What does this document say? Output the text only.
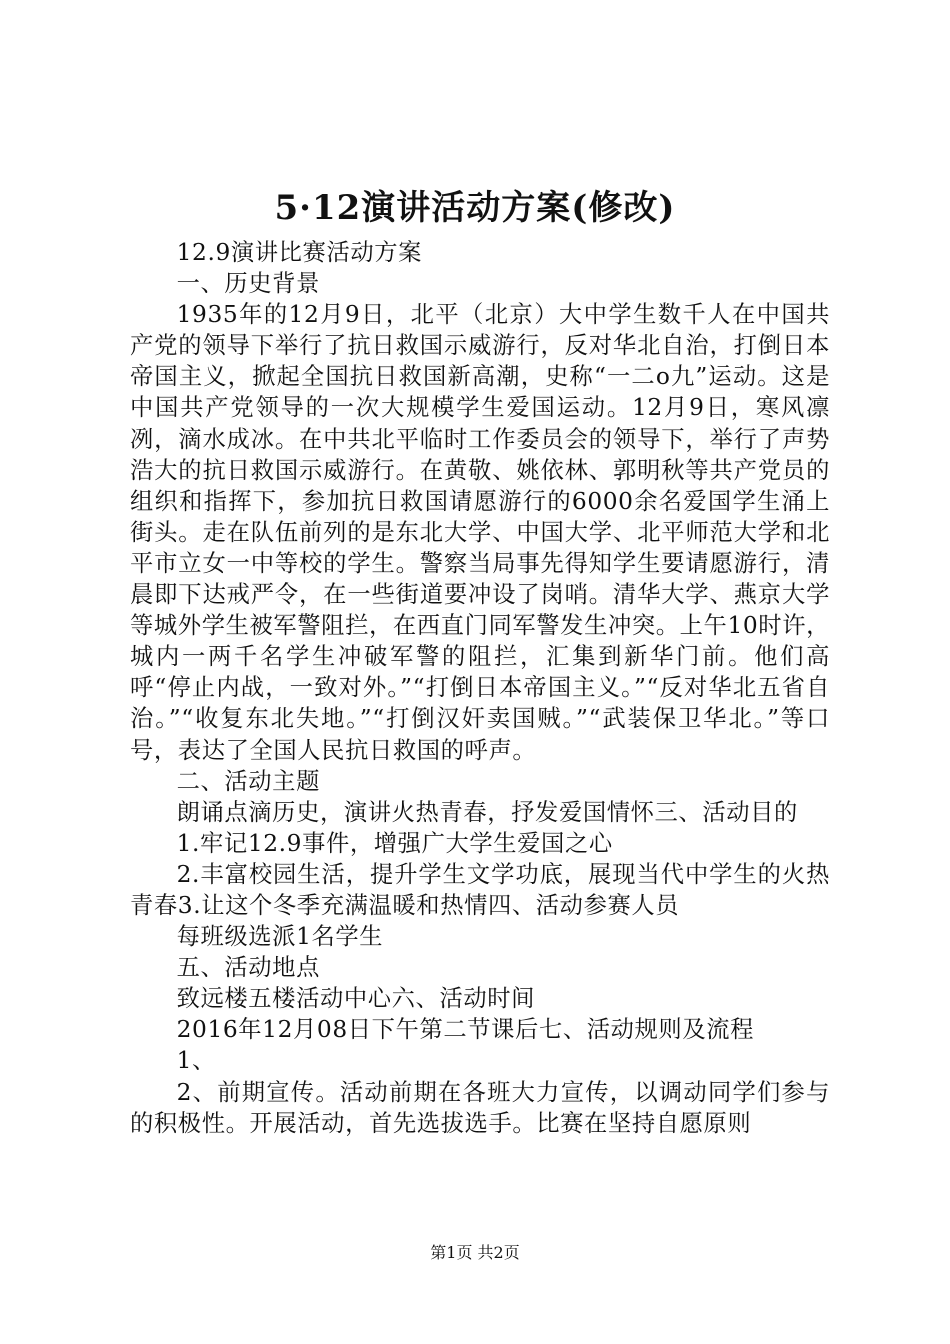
5·12演讲活动方案(修改)

12.9演讲比赛活动方案

一、历史背景

1935年的12月9日，北平（北京）大中学生数千人在中国共产党的领导下举行了抗日救国示威游行，反对华北自治，打倒日本帝国主义，掀起全国抗日救国新高潮，史称“一二o九”运动。这是中国共产党领导的一次大规模学生爱国运动。12月9日，寒风凛冽，滴水成冰。在中共北平临时工作委员会的领导下，举行了声势浩大的抗日救国示威游行。在黄敬、姚依林、郭明秋等共产党员的组织和指挥下，参加抗日救国请愿游行的6000余名爱国学生涌上街头。走在队伍前列的是东北大学、中国大学、北平师范大学和北平市立女一中等校的学生。警察当局事先得知学生要请愿游行，清晨即下达戒严令，在一些街道要冲设了岗哨。清华大学、燕京大学等城外学生被军警阻拦，在西直门同军警发生冲突。上午10时许，城内一两千名学生冲破军警的阻拦，汇集到新华门前。他们高呼“停止内战，一致对外。”“打倒日本帝国主义。”“反对华北五省自治。”“收复东北失地。”“打倒汉奸卖国贼。”“武装保卫华北。”等口号，表达了全国人民抗日救国的呼声。

二、活动主题

朗诵点滴历史，演讲火热青春，抒发爱国情怀三、活动目的

1.牢记12.9事件，增强广大学生爱国之心

2.丰富校园生活，提升学生文学功底，展现当代中学生的火热青春3.让这个冬季充满温暖和热情四、活动参赛人员

每班级选派1名学生

五、活动地点

致远楼五楼活动中心六、活动时间

2016年12月08日下午第二节课后七、活动规则及流程

1、

2、前期宣传。活动前期在各班大力宣传，以调动同学们参与的积极性。开展活动，首先选拔选手。比赛在坚持自愿原则

第1页 共2页
